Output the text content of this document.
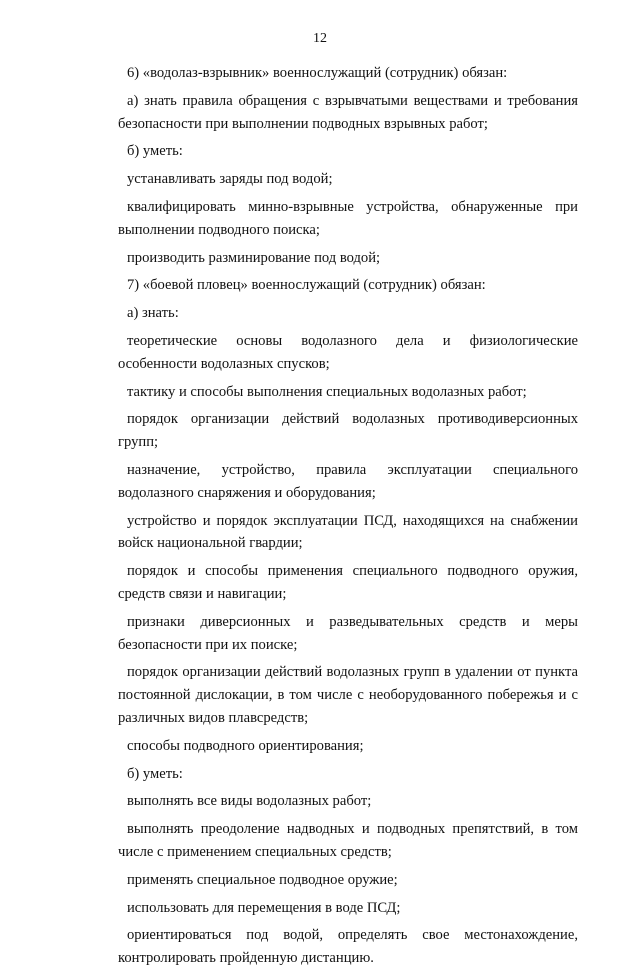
12

6) «водолаз-взрывник» военнослужащий (сотрудник) обязан:

а) знать правила обращения с взрывчатыми веществами и требования безопасности при выполнении подводных взрывных работ;

б) уметь:

устанавливать заряды под водой;

квалифицировать минно-взрывные устройства, обнаруженные при выполнении подводного поиска;

производить разминирование под водой;

7) «боевой пловец» военнослужащий (сотрудник) обязан:

а) знать:

теоретические основы водолазного дела и физиологические особенности водолазных спусков;

тактику и способы выполнения специальных водолазных работ;

порядок организации действий водолазных противодиверсионных групп;

назначение, устройство, правила эксплуатации специального водолазного снаряжения и оборудования;

устройство и порядок эксплуатации ПСД, находящихся на снабжении войск национальной гвардии;

порядок и способы применения специального подводного оружия, средств связи и навигации;

признаки диверсионных и разведывательных средств и меры безопасности при их поиске;

порядок организации действий водолазных групп в удалении от пункта постоянной дислокации, в том числе с необорудованного побережья и с различных видов плавсредств;

способы подводного ориентирования;

б) уметь:

выполнять все виды водолазных работ;

выполнять преодоление надводных и подводных препятствий, в том числе с применением специальных средств;

применять специальное подводное оружие;

использовать для перемещения в воде ПСД;

ориентироваться под водой, определять свое местонахождение, контролировать пройденную дистанцию.
